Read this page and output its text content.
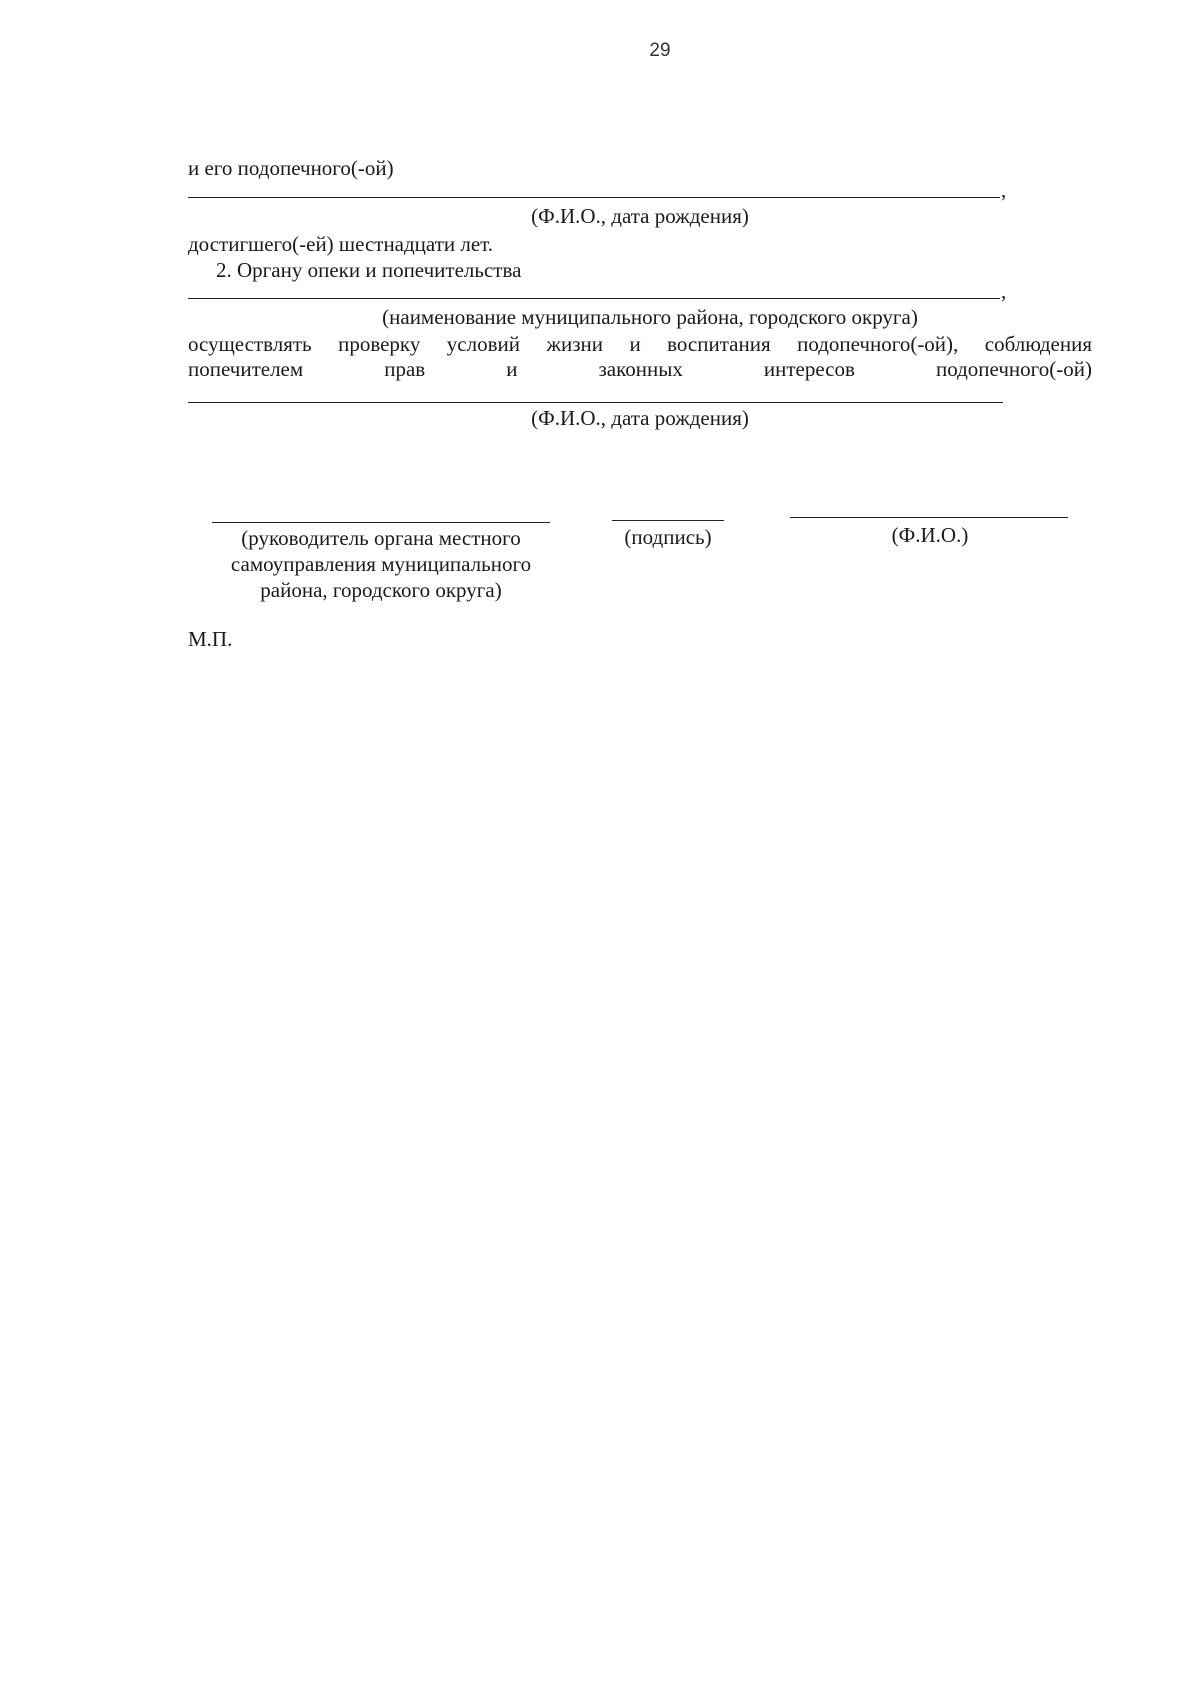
29
и его подопечного(-ой)
,
(Ф.И.О., дата рождения)
достигшего(-ей) шестнадцати лет.
2. Органу опеки и попечительства
,
(наименование муниципального района, городского округа)
осуществлять проверку условий жизни и воспитания подопечного(-ой), соблюдения
попечителем	прав	и	законных	интересов	подопечного(-ой)
(Ф.И.О., дата рождения)
(руководитель органа местного
самоуправления муниципального
района, городского округа)
(подпись)	(Ф.И.О.)
М.П.
